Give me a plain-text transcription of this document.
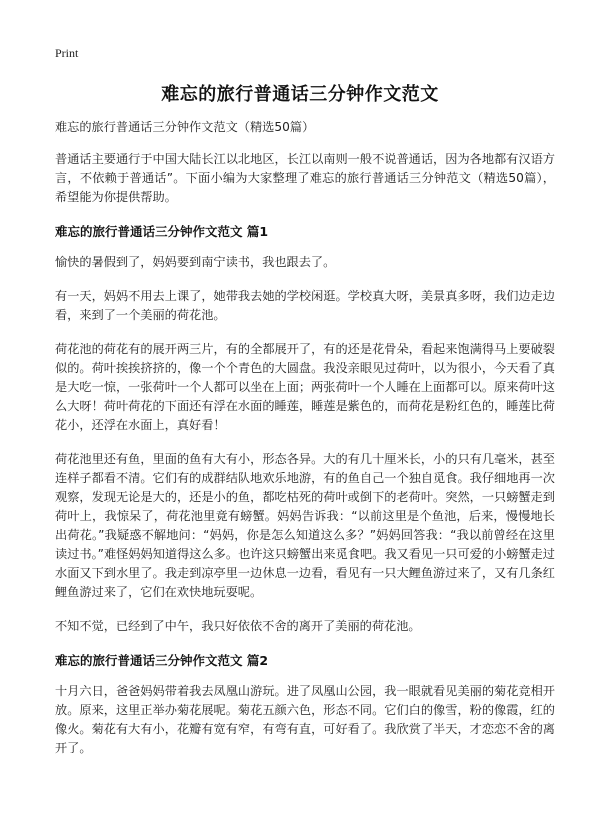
Print
难忘的旅行普通话三分钟作文范文

难忘的旅行普通话三分钟作文范文（精选50篇）

普通话主要通行于中国大陆长江以北地区，长江以南则一般不说普通话，因为各地都有汉语方言，不依赖于普通话”。下面小编为大家整理了难忘的旅行普通话三分钟范文（精选50篇），希望能为你提供帮助。

难忘的旅行普通话三分钟作文范文 篇1

愉快的暑假到了，妈妈要到南宁读书，我也跟去了。

有一天，妈妈不用去上课了，她带我去她的学校闲逛。学校真大呀，美景真多呀，我们边走边看，来到了一个美丽的荷花池。

荷花池的荷花有的展开两三片，有的全都展开了，有的还是花骨朵，看起来饱满得马上要破裂似的。荷叶挨挨挤挤的，像一个个青色的大圆盘。我没亲眼见过荷叶，以为很小，今天看了真是大吃一惊，一张荷叶一个人都可以坐在上面；两张荷叶一个人睡在上面都可以。原来荷叶这么大呀！荷叶荷花的下面还有浮在水面的睡莲，睡莲是紫色的，而荷花是粉红色的，睡莲比荷花小，还浮在水面上，真好看！

荷花池里还有鱼，里面的鱼有大有小，形态各异。大的有几十厘米长，小的只有几毫米，甚至连样子都看不清。它们有的成群结队地欢乐地游，有的鱼自己一个独自觅食。我仔细地再一次观察，发现无论是大的，还是小的鱼，都吃枯死的荷叶或倒下的老荷叶。突然，一只螃蟹走到荷叶上，我惊呆了，荷花池里竟有螃蟹。妈妈告诉我：“以前这里是个鱼池，后来，慢慢地长出荷花。”我疑惑不解地问：“妈妈，你是怎么知道这么多？”妈妈回答我：“我以前曾经在这里读过书。”难怪妈妈知道得这么多。也许这只螃蟹出来觅食吧。我又看见一只可爱的小螃蟹走过水面又下到水里了。我走到凉亭里一边休息一边看，看见有一只大鲤鱼游过来了，又有几条红鲤鱼游过来了，它们在欢快地玩耍呢。

不知不觉，已经到了中午，我只好依依不舍的离开了美丽的荷花池。

难忘的旅行普通话三分钟作文范文 篇2

十月六日，爸爸妈妈带着我去凤凰山游玩。进了凤凰山公园，我一眼就看见美丽的菊花竞相开放。原来，这里正举办菊花展呢。菊花五颜六色，形态不同。它们白的像雪，粉的像霞，红的像火。菊花有大有小，花瓣有宽有窄，有弯有直，可好看了。我欣赏了半天，才恋恋不舍的离开了。
